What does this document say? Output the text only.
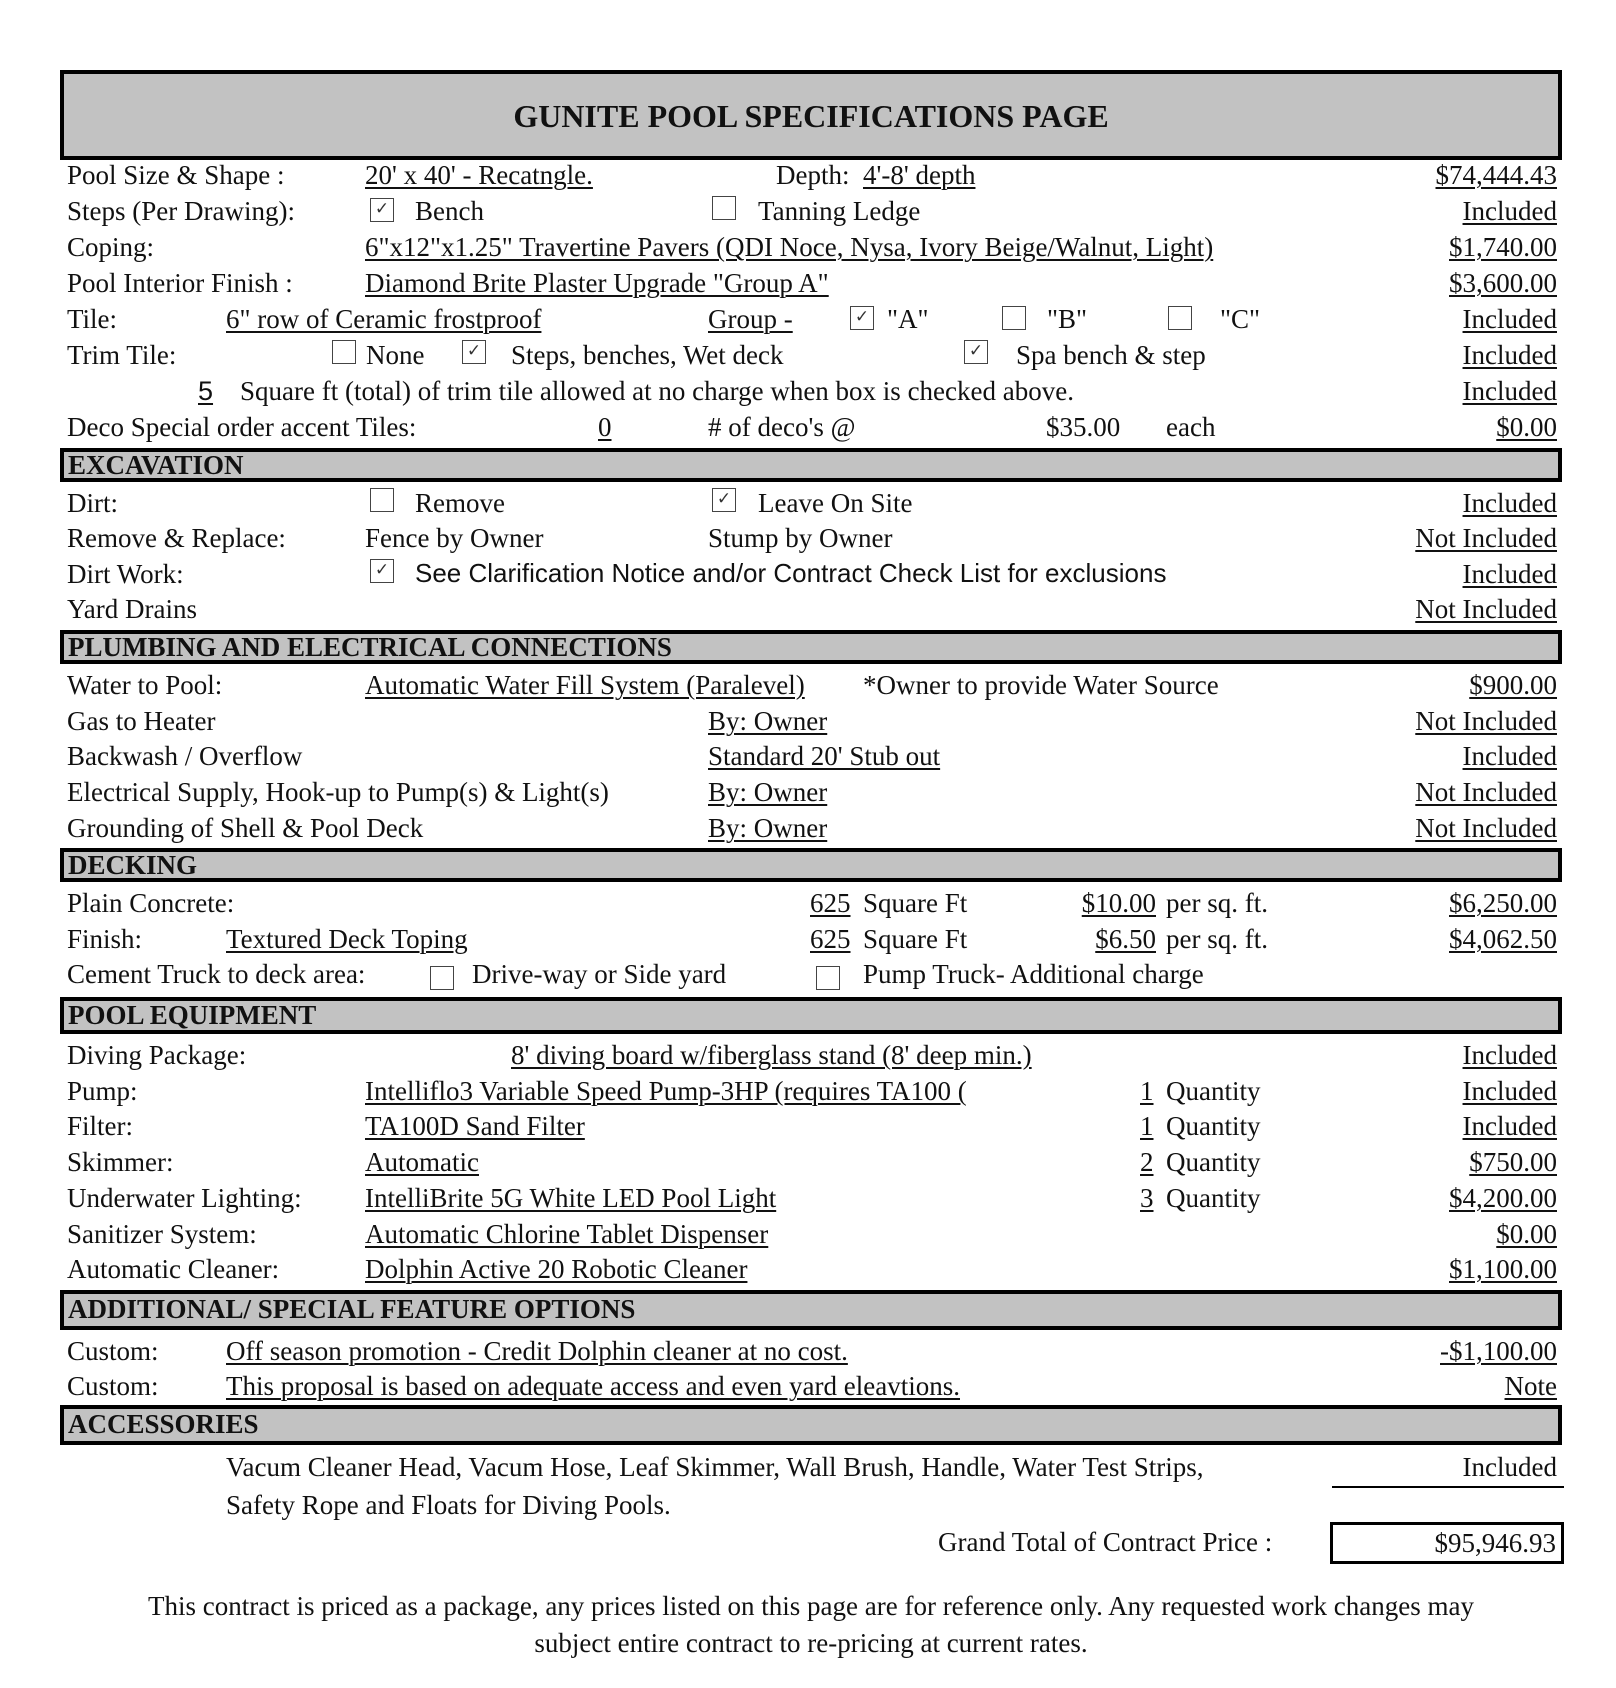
GUNITE POOL SPECIFICATIONS PAGE
Pool Size & Shape :	20' x 40' - Recatngle.	Depth: 4'-8' depth	$74,444.43
Steps (Per Drawing):	✓ Bench	Tanning Ledge	Included
Coping:	6"x12"x1.25" Travertine Pavers (QDI Noce, Nysa, Ivory Beige/Walnut, Light)	$1,740.00
Pool Interior Finish :	Diamond Brite Plaster Upgrade "Group A"	$3,600.00
Tile:	6" row of Ceramic frostproof	Group -	✓ "A"	"B"	"C"	Included
Trim Tile:	None ✓ Steps, benches, Wet deck	✓ Spa bench & step	Included
5 Square ft (total) of trim tile allowed at no charge when box is checked above.	Included
Deco Special order accent Tiles:	0	# of deco's @	$35.00 each	$0.00
EXCAVATION
Dirt:	Remove	✓ Leave On Site	Included
Remove & Replace:	Fence by Owner	Stump by Owner	Not Included
Dirt Work:	✓ See Clarification Notice and/or Contract Check List for exclusions	Included
Yard Drains	Not Included
PLUMBING AND ELECTRICAL CONNECTIONS
Water to Pool:	Automatic Water Fill System (Paralevel) *Owner to provide Water Source	$900.00
Gas to Heater	By: Owner	Not Included
Backwash / Overflow	Standard 20' Stub out	Included
Electrical Supply, Hook-up to Pump(s) & Light(s)	By: Owner	Not Included
Grounding of Shell & Pool Deck	By: Owner	Not Included
DECKING
Plain Concrete:	625 Square Ft	$10.00 per sq. ft.	$6,250.00
Finish:	Textured Deck Toping	625 Square Ft	$6.50 per sq. ft.	$4,062.50
Cement Truck to deck area:	Drive-way or Side yard	Pump Truck- Additional charge
POOL EQUIPMENT
Diving Package:	8' diving board w/fiberglass stand (8' deep min.)	Included
Pump:	Intelliflo3 Variable Speed Pump-3HP (requires TA100 (	1 Quantity	Included
Filter:	TA100D Sand Filter	1 Quantity	Included
Skimmer:	Automatic	2 Quantity	$750.00
Underwater Lighting: IntelliBrite 5G White LED Pool Light	3 Quantity	$4,200.00
Sanitizer System:	Automatic Chlorine Tablet Dispenser	$0.00
Automatic Cleaner:	Dolphin Active 20 Robotic Cleaner	$1,100.00
ADDITIONAL/ SPECIAL FEATURE OPTIONS
Custom: Off season promotion - Credit Dolphin cleaner at no cost.	-$1,100.00
Custom: This proposal is based on adequate access and even yard eleavtions.	Note
ACCESSORIES
Vacum Cleaner Head, Vacum Hose, Leaf Skimmer, Wall Brush, Handle, Water Test Strips,
Safety Rope and Floats for Diving Pools.
Included
Grand Total of Contract Price :	$95,946.93
This contract is priced as a package, any prices listed on this page are for reference only. Any requested work changes may
subject entire contract to re-pricing at current rates.
